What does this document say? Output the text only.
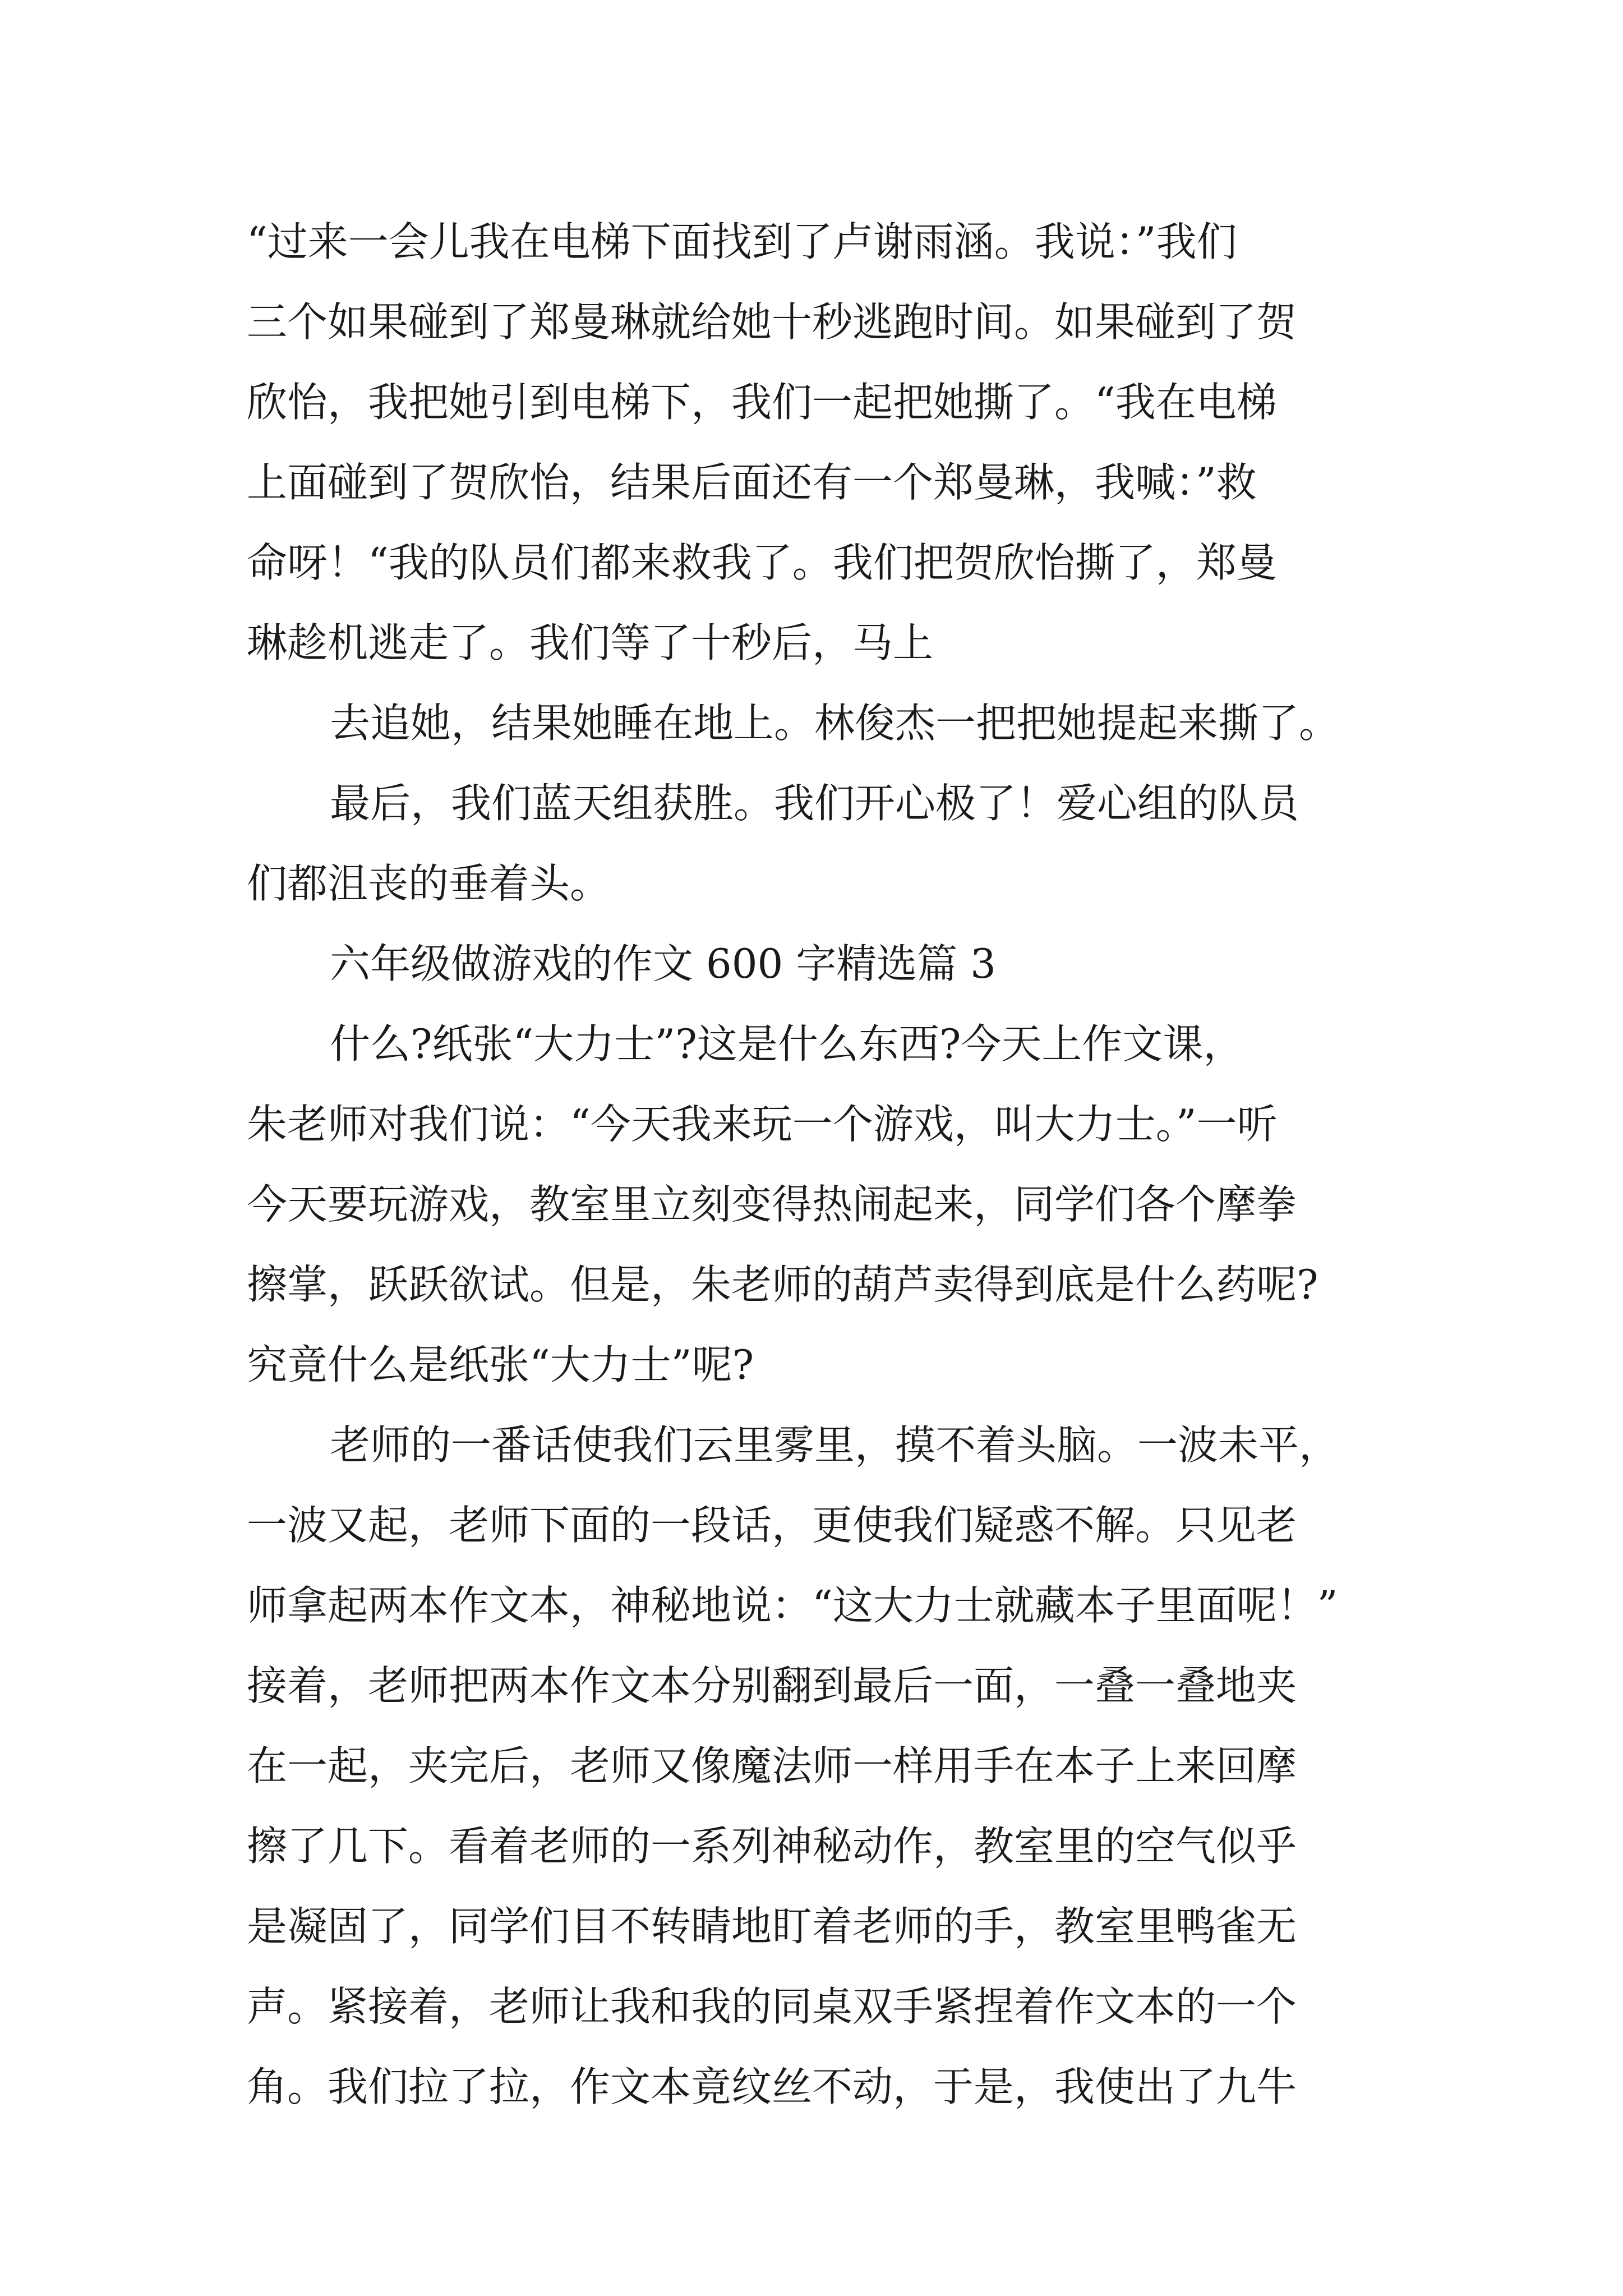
“过来一会儿我在电梯下面找到了卢谢雨涵。我说：”我们
三个如果碰到了郑曼琳就给她十秒逃跑时间。如果碰到了贺
欣怡，我把她引到电梯下，我们一起把她撕了。“我在电梯
上面碰到了贺欣怡，结果后面还有一个郑曼琳，我喊：”救
命呀！“我的队员们都来救我了。我们把贺欣怡撕了，郑曼
琳趁机逃走了。我们等了十秒后，马上
去追她，结果她睡在地上。林俊杰一把把她提起来撕了。
最后，我们蓝天组获胜。我们开心极了！爱心组的队员
们都沮丧的垂着头。
六年级做游戏的作文 600 字精选篇 3
什么?纸张“大力士”?这是什么东西?今天上作文课，
朱老师对我们说：“今天我来玩一个游戏，叫大力士。”一听
今天要玩游戏，教室里立刻变得热闹起来，同学们各个摩拳
擦掌，跃跃欲试。但是，朱老师的葫芦卖得到底是什么药呢?
究竟什么是纸张“大力士”呢?
老师的一番话使我们云里雾里，摸不着头脑。一波未平，
一波又起，老师下面的一段话，更使我们疑惑不解。只见老
师拿起两本作文本，神秘地说：“这大力士就藏本子里面呢！”
接着，老师把两本作文本分别翻到最后一面，一叠一叠地夹
在一起，夹完后，老师又像魔法师一样用手在本子上来回摩
擦了几下。看着老师的一系列神秘动作，教室里的空气似乎
是凝固了，同学们目不转睛地盯着老师的手，教室里鸭雀无
声。紧接着，老师让我和我的同桌双手紧捏着作文本的一个
角。我们拉了拉，作文本竟纹丝不动，于是，我使出了九牛
